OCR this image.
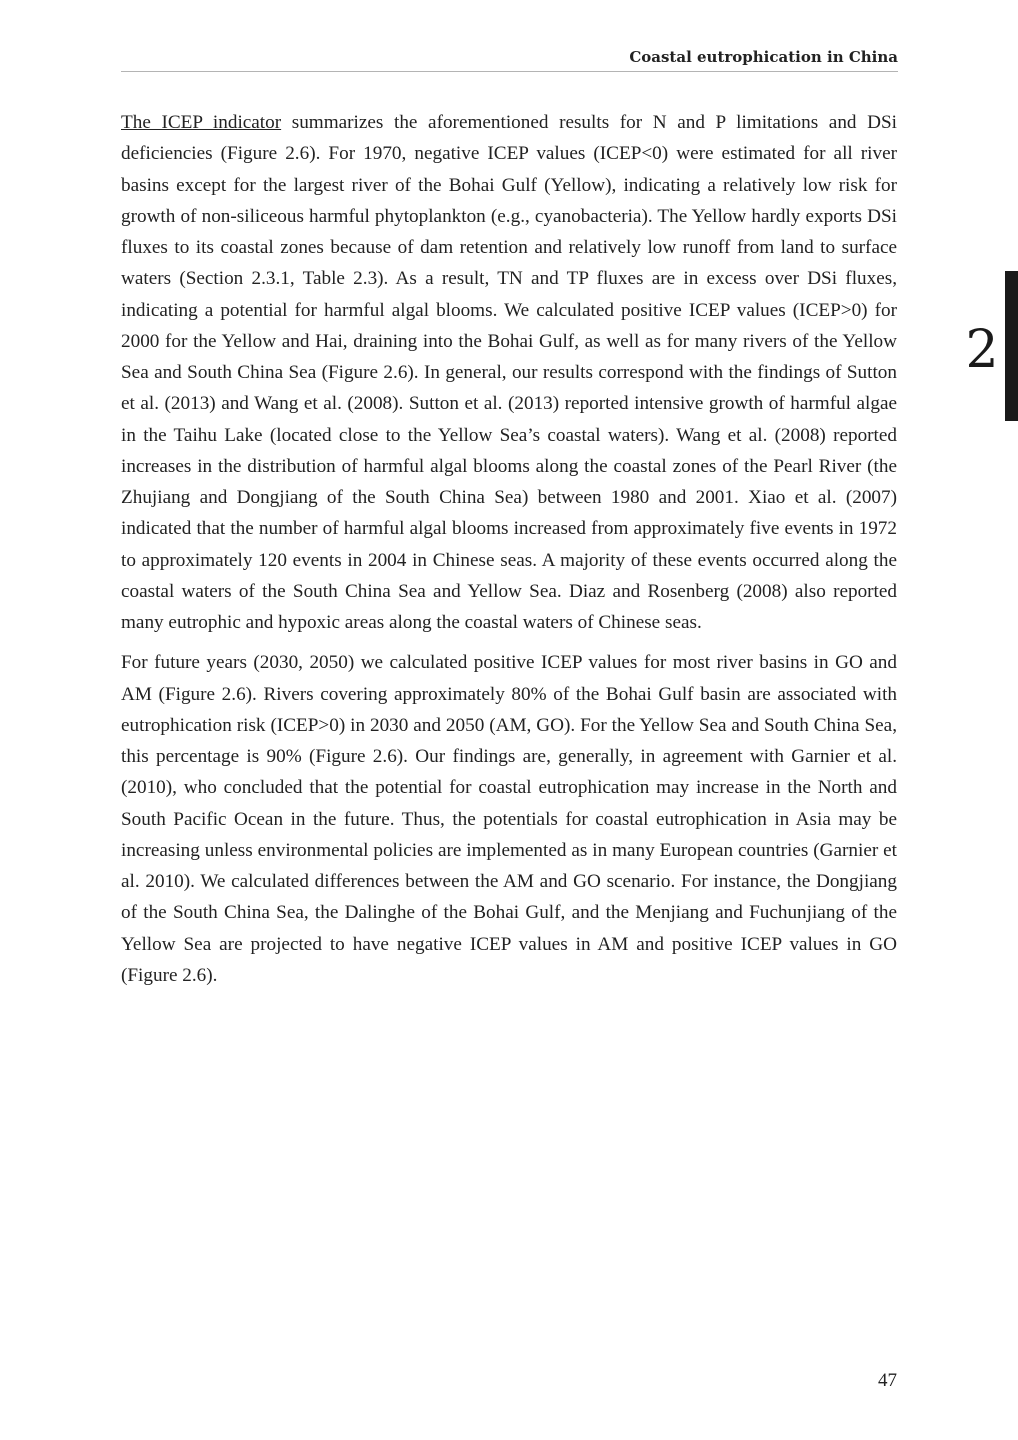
Coastal eutrophication in China
2

The ICEP indicator summarizes the aforementioned results for N and P limitations and DSi deficiencies (Figure 2.6). For 1970, negative ICEP values (ICEP<0) were estimated for all river basins except for the largest river of the Bohai Gulf (Yellow), indicating a relatively low risk for growth of non-siliceous harmful phytoplankton (e.g., cyanobacteria). The Yellow hardly exports DSi fluxes to its coastal zones because of dam retention and relatively low runoff from land to surface waters (Section 2.3.1, Table 2.3). As a result, TN and TP fluxes are in excess over DSi fluxes, indicating a potential for harmful algal blooms. We calculated positive ICEP values (ICEP>0) for 2000 for the Yellow and Hai, draining into the Bohai Gulf, as well as for many rivers of the Yellow Sea and South China Sea (Figure 2.6). In general, our results correspond with the findings of Sutton et al. (2013) and Wang et al. (2008). Sutton et al. (2013) reported intensive growth of harmful algae in the Taihu Lake (located close to the Yellow Sea’s coastal waters). Wang et al. (2008) reported increases in the distribution of harmful algal blooms along the coastal zones of the Pearl River (the Zhujiang and Dongjiang of the South China Sea) between 1980 and 2001. Xiao et al. (2007) indicated that the number of harmful algal blooms increased from approximately five events in 1972 to approximately 120 events in 2004 in Chinese seas. A majority of these events occurred along the coastal waters of the South China Sea and Yellow Sea. Diaz and Rosenberg (2008) also reported many eutrophic and hypoxic areas along the coastal waters of Chinese seas.

For future years (2030, 2050) we calculated positive ICEP values for most river basins in GO and AM (Figure 2.6). Rivers covering approximately 80% of the Bohai Gulf basin are associated with eutrophication risk (ICEP>0) in 2030 and 2050 (AM, GO). For the Yellow Sea and South China Sea, this percentage is 90% (Figure 2.6). Our findings are, generally, in agreement with Garnier et al. (2010), who concluded that the potential for coastal eutrophication may increase in the North and South Pacific Ocean in the future. Thus, the potentials for coastal eutrophication in Asia may be increasing unless environmental policies are implemented as in many European countries (Garnier et al. 2010). We calculated differences between the AM and GO scenario. For instance, the Dongjiang of the South China Sea, the Dalinghe of the Bohai Gulf, and the Menjiang and Fuchunjiang of the Yellow Sea are projected to have negative ICEP values in AM and positive ICEP values in GO (Figure 2.6).

47
